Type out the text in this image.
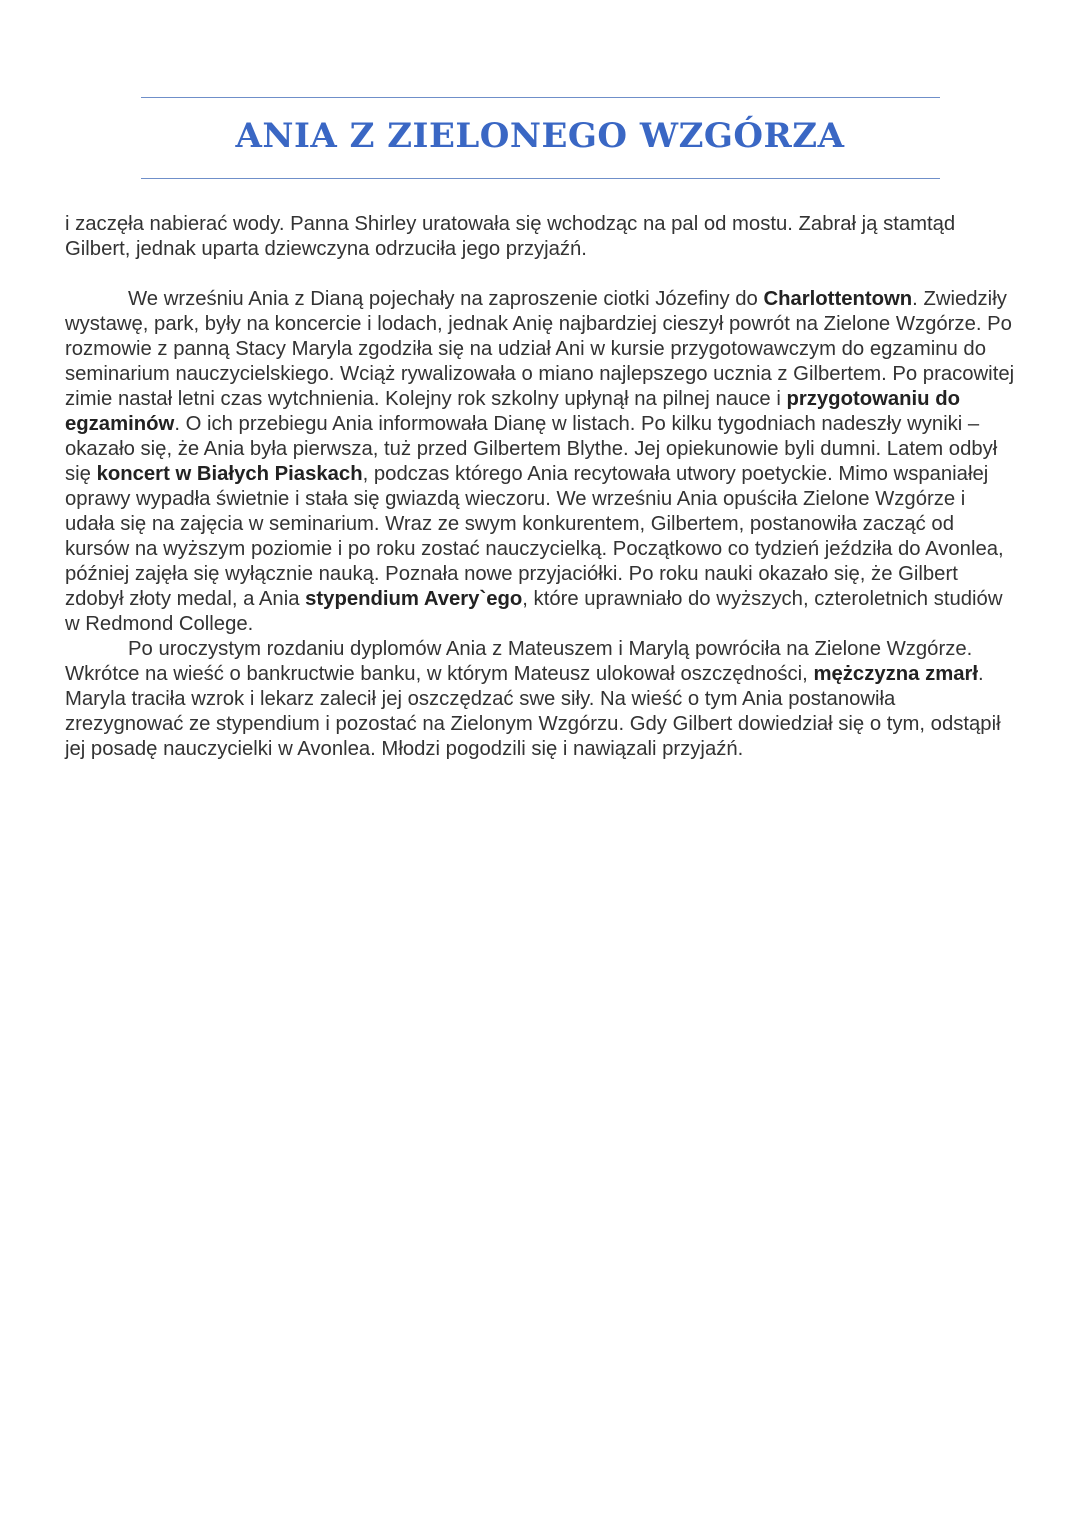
ANIA Z ZIELONEGO WZGÓRZA

i zaczęła nabierać wody. Panna Shirley uratowała się wchodząc na pal od mostu. Zabrał ją stamtąd Gilbert, jednak uparta dziewczyna odrzuciła jego przyjaźń.

We wrześniu Ania z Dianą pojechały na zaproszenie ciotki Józefiny do Charlottentown. Zwiedziły wystawę, park, były na koncercie i lodach, jednak Anię najbardziej cieszył powrót na Zielone Wzgórze. Po rozmowie z panną Stacy Maryla zgodziła się na udział Ani w kursie przygotowawczym do egzaminu do seminarium nauczycielskiego. Wciąż rywalizowała o miano najlepszego ucznia z Gilbertem. Po pracowitej zimie nastał letni czas wytchnienia. Kolejny rok szkolny upłynął na pilnej nauce i przygotowaniu do egzaminów. O ich przebiegu Ania informowała Dianę w listach. Po kilku tygodniach nadeszły wyniki – okazało się, że Ania była pierwsza, tuż przed Gilbertem Blythe. Jej opiekunowie byli dumni. Latem odbył się koncert w Białych Piaskach, podczas którego Ania recytowała utwory poetyckie. Mimo wspaniałej oprawy wypadła świetnie i stała się gwiazdą wieczoru. We wrześniu Ania opuściła Zielone Wzgórze i udała się na zajęcia w seminarium. Wraz ze swym konkurentem, Gilbertem, postanowiła zacząć od kursów na wyższym poziomie i po roku zostać nauczycielką. Początkowo co tydzień jeździła do Avonlea, później zajęła się wyłącznie nauką. Poznała nowe przyjaciółki. Po roku nauki okazało się, że Gilbert zdobył złoty medal, a Ania stypendium Avery`ego, które uprawniało do wyższych, czteroletnich studiów w Redmond College.

Po uroczystym rozdaniu dyplomów Ania z Mateuszem i Marylą powróciła na Zielone Wzgórze. Wkrótce na wieść o bankructwie banku, w którym Mateusz ulokował oszczędności, mężczyzna zmarł. Maryla traciła wzrok i lekarz zalecił jej oszczędzać swe siły. Na wieść o tym Ania postanowiła zrezygnować ze stypendium i pozostać na Zielonym Wzgórzu. Gdy Gilbert dowiedział się o tym, odstąpił jej posadę nauczycielki w Avonlea. Młodzi pogodzili się i nawiązali przyjaźń.
